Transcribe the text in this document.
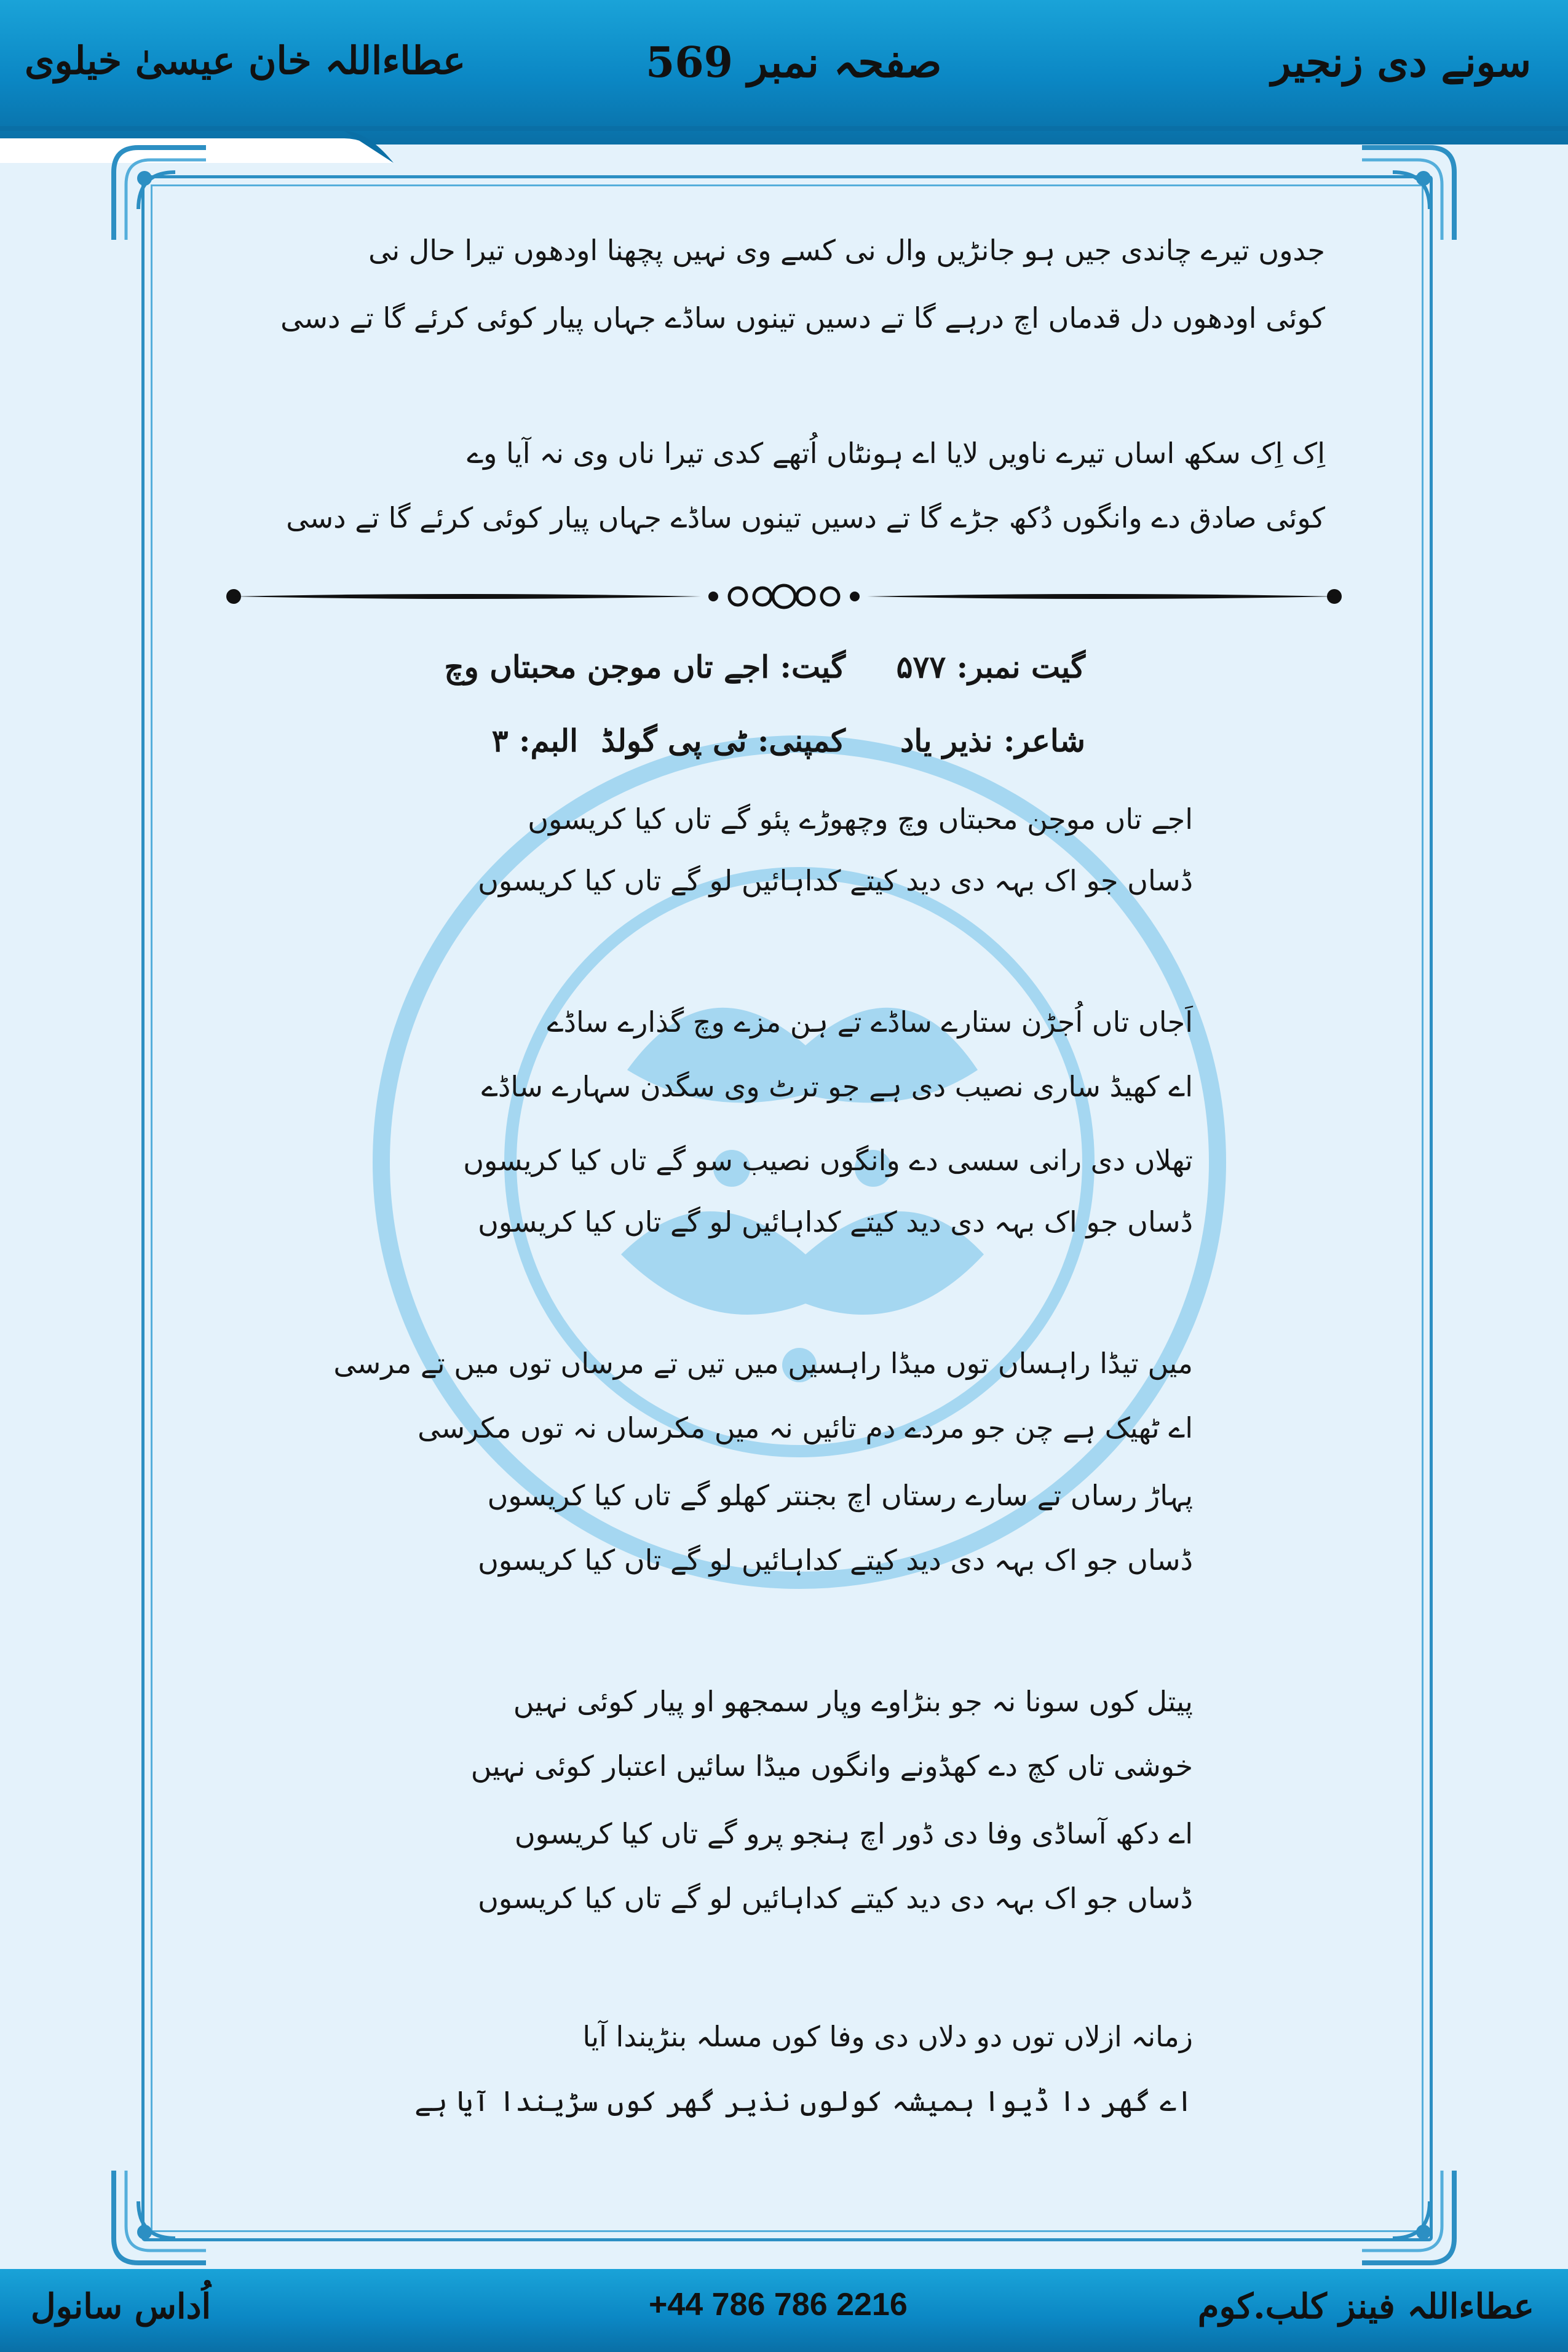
عطاءاللہ خان عیسیٰ خیلوی	صفحہ نمبر 569	سونے دی زنجیر
جدوں تیرے چاندی جیں ہو جانڑیں وال نی کسے وی نہیں پچھنا اودھوں تیرا حال نی
کوئی اودھوں دل قدماں اچ درہے گا تے دسیں تینوں ساڈے جہاں پیار کوئی کرئے گا تے دسی
اِک اِک سکھ اساں تیرے ناویں لایا اے ہونٹاں اُتھے کدی تیرا ناں وی نہ آیا وے
کوئی صادق دے وانگوں دُکھ جڑے گا تے دسیں تینوں ساڈے جہاں پیار کوئی کرئے گا تے دسی
گیت نمبر: ۵۷۷
گیت: اجے تاں موجن محبتاں وچ
شاعر: نذیر یاد
کمپنی: ٹی پی گولڈ
البم: ۳
اجے تاں موجن محبتاں وچ وچھوڑے پئو گے تاں کیا کریسوں
ڈساں جو اک بہہ دی دید کیتے کداہائیں لو گے تاں کیا کریسوں
اَجاں تاں اُجڑن ستارے ساڈے تے ہن مزے وچ گذارے ساڈے
اے کھیڈ ساری نصیب دی ہے جو ترٹ وی سگدن سہارے ساڈے
تھلاں دی رانی سسی دے وانگوں نصیب سو گے تاں کیا کریسوں
ڈساں جو اک بہہ دی دید کیتے کداہائیں لو گے تاں کیا کریسوں
میں تیڈا راہساں توں میڈا راہسیں میں تیں تے مرساں توں میں تے مرسی
اے ٹھیک ہے چن جو مردے دم تائیں نہ میں مکرساں نہ توں مکرسی
پہاڑ رساں تے سارے رستاں اچ بجنتر کھلو گے تاں کیا کریسوں
ڈساں جو اک بہہ دی دید کیتے کداہائیں لو گے تاں کیا کریسوں
پیتل کوں سونا نہ جو بنڑاوے وپار سمجھو او پیار کوئی نہیں
خوشی تاں کچ دے کھڈونے وانگوں میڈا سائیں اعتبار کوئی نہیں
اے دکھ آساڈی وفا دی ڈور اچ ہنجو پرو گے تاں کیا کریسوں
ڈساں جو اک بہہ دی دید کیتے کداہائیں لو گے تاں کیا کریسوں
زمانہ ازلاں توں دو دلاں دی وفا کوں مسلہ بنڑیندا آیا
اے گھر دا ڈیوا ہمیشہ کولوں نذیر گھر کوں سڑیندا آیا ہے
اُداس سانول	+44 786 786 2216	عطاءاللہ فینز کلب.کوم
